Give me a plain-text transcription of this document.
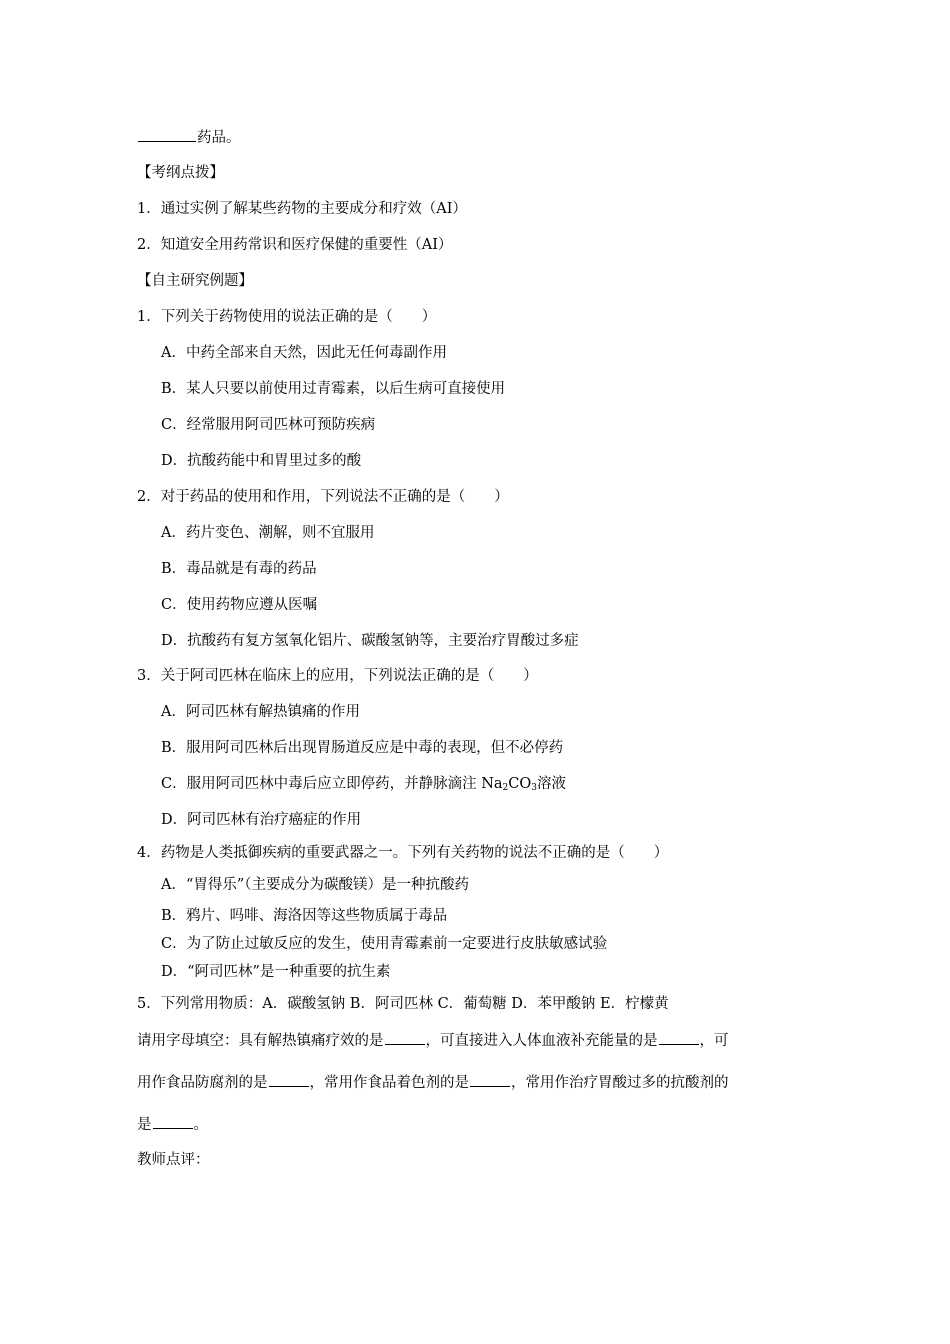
药品。
【考纲点拨】
1．通过实例了解某些药物的主要成分和疗效（AI）
2．知道安全用药常识和医疗保健的重要性（AI）
【自主研究例题】
1．下列关于药物使用的说法正确的是（　　）
A．中药全部来自天然，因此无任何毒副作用
B．某人只要以前使用过青霉素，以后生病可直接使用
C．经常服用阿司匹林可预防疾病
D．抗酸药能中和胃里过多的酸
2．对于药品的使用和作用，下列说法不正确的是（　　）
A．药片变色、潮解，则不宜服用
B．毒品就是有毒的药品
C．使用药物应遵从医嘱
D．抗酸药有复方氢氧化铝片、碳酸氢钠等，主要治疗胃酸过多症
3．关于阿司匹林在临床上的应用，下列说法正确的是（　　）
A．阿司匹林有解热镇痛的作用
B．服用阿司匹林后出现胃肠道反应是中毒的表现，但不必停药
C．服用阿司匹林中毒后应立即停药，并静脉滴注 $Na_2CO_3$溶液
D．阿司匹林有治疗癌症的作用
4．药物是人类抵御疾病的重要武器之一。下列有关药物的说法不正确的是（　　）
A．“胃得乐”（主要成分为碳酸镁）是一种抗酸药
B．鸦片、吗啡、海洛因等这些物质属于毒品
C．为了防止过敏反应的发生，使用青霉素前一定要进行皮肤敏感试验
D．“阿司匹林”是一种重要的抗生素
5．下列常用物质：A．碳酸氢钠 B．阿司匹林 C．葡萄糖 D．苯甲酸钠 E．柠檬黄
请用字母填空：具有解热镇痛疗效的是	，可直接进入人体血液补充能量的是	，可
用作食品防腐剂的是	，常用作食品着色剂的是	，常用作治疗胃酸过多的抗酸剂的
是	。
教师点评：
